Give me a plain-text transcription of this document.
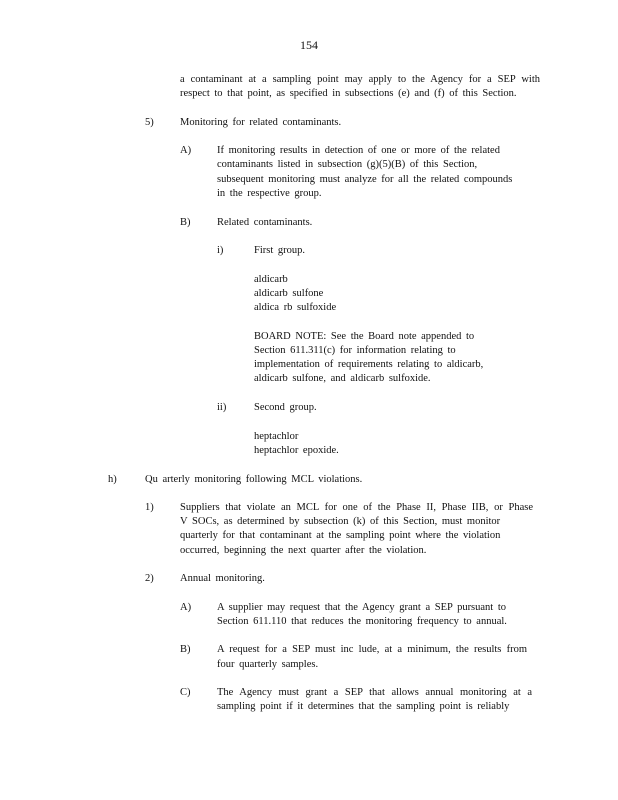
154
a contaminant at a sampling point may apply to the Agency for a SEP with
respect to that point, as specified in subsections (e) and (f) of this Section.
5)	Monitoring for related contaminants.
A) If monitoring results in detection of one or more of the related
contaminants listed in subsection (g)(5)(B) of this Section,
subsequent monitoring must analyze for all the related compounds
in the respective group.
B)	Related contaminants.
i)	First group.
aldicarb
aldicarb sulfone
aldica rb sulfoxide
BOARD NOTE: See the Board note appended to
Section 611.311(c) for information relating to
implementation of requirements relating to aldicarb,
aldicarb sulfone, and aldicarb sulfoxide.
ii)	Second group.
heptachlor
heptachlor epoxide.
h)	Qu arterly monitoring following MCL violations.
1)	Suppliers that violate an MCL for one of the Phase II, Phase IIB, or Phase
V SOCs, as determined by subsection (k) of this Section, must monitor
quarterly for that contaminant at the sampling point where the violation
occurred, beginning the next quarter after the violation.
2)	Annual monitoring.
A) A supplier may request that the Agency grant a SEP pursuant to
Section 611.110 that reduces the monitoring frequency to annual.
B)	A request for a SEP must inc lude, at a minimum, the results from
four quarterly samples.
C)	The Agency must grant a SEP that allows annual monitoring at a
sampling point if it determines that the sampling point is reliably
